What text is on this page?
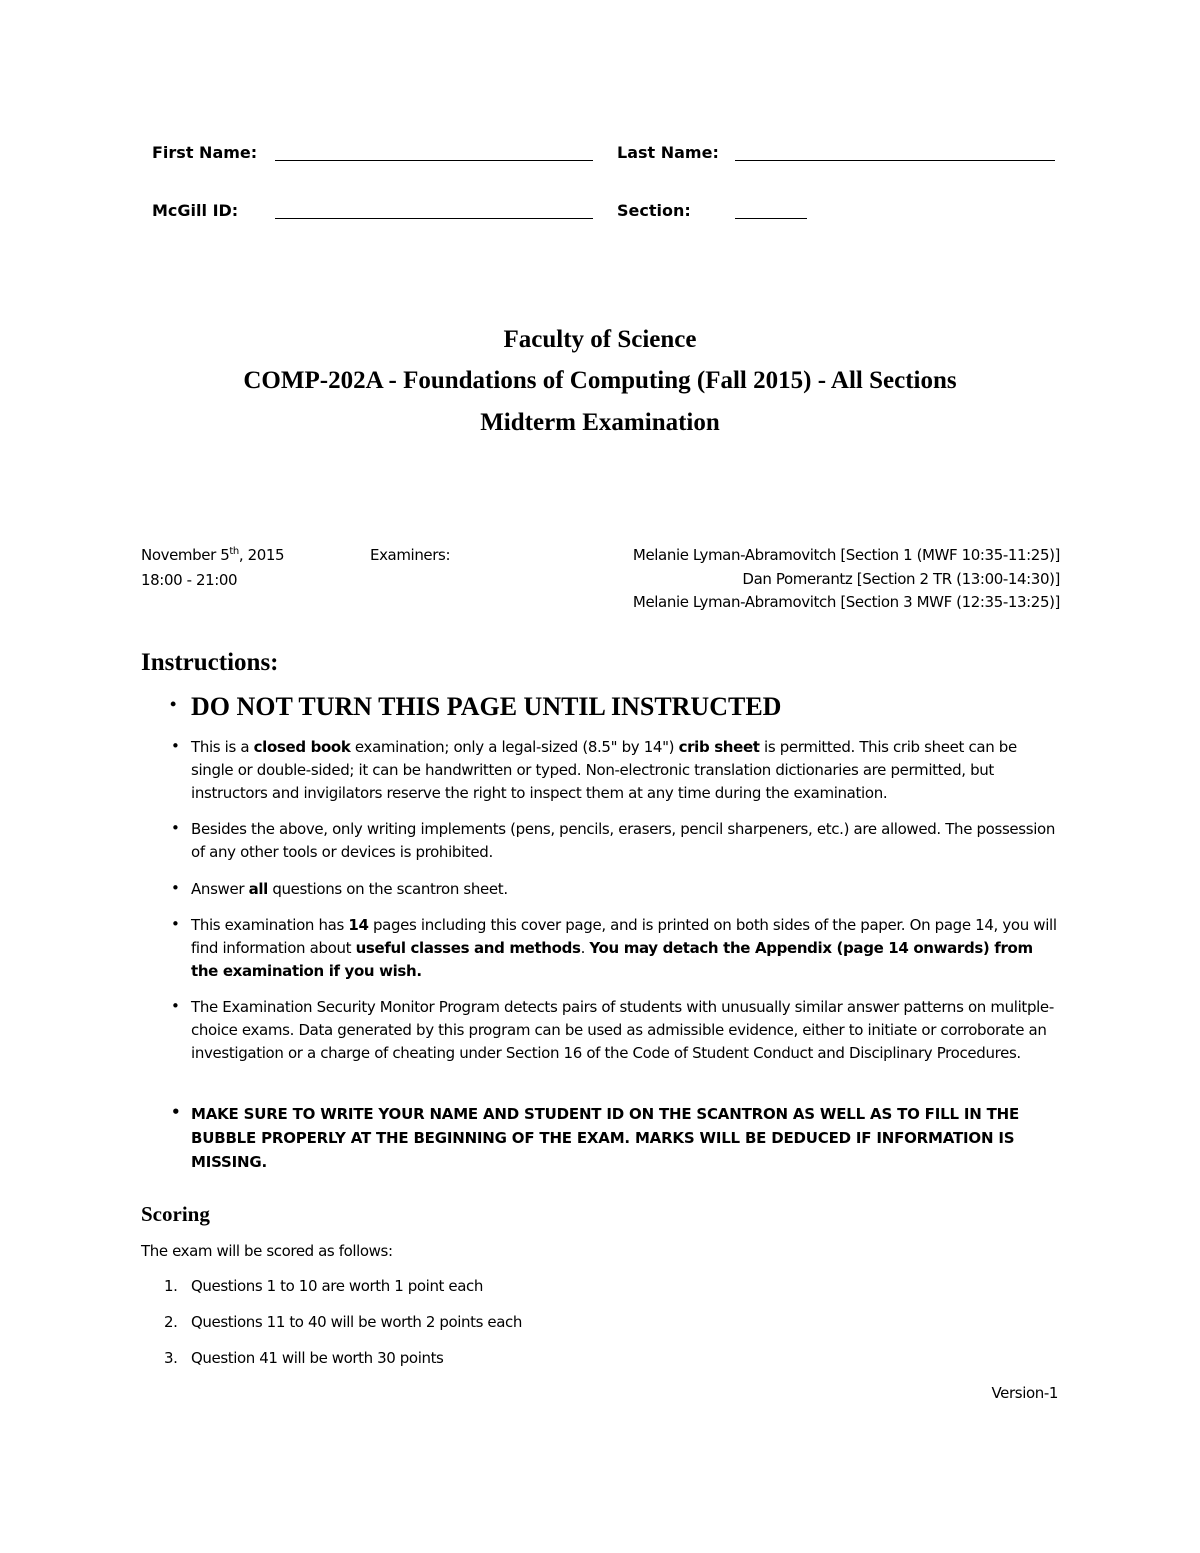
First Name:	Last Name:
McGill ID:	Section:
Faculty of Science
COMP-202A - Foundations of Computing (Fall 2015) - All Sections
Midterm Examination
November 5th, 2015
18:00 - 21:00
Examiners:	Melanie Lyman-Abramovitch [Section 1 (MWF 10:35-11:25)]
Dan Pomerantz [Section 2 TR (13:00-14:30)]
Melanie Lyman-Abramovitch [Section 3 MWF (12:35-13:25)]
Instructions:
• DO NOT TURN THIS PAGE UNTIL INSTRUCTED
• This is a closed book examination; only a legal-sized (8.5" by 14") crib sheet is permitted. This crib sheet can be single or double-sided; it can be handwritten or typed. Non-electronic translation dictionaries are permitted, but instructors and invigilators reserve the right to inspect them at any time during the examination.
• Besides the above, only writing implements (pens, pencils, erasers, pencil sharpeners, etc.) are allowed. The possession of any other tools or devices is prohibited.
• Answer all questions on the scantron sheet.
• This examination has 14 pages including this cover page, and is printed on both sides of the paper. On page 14, you will find information about useful classes and methods. You may detach the Appendix (page 14 onwards) from the examination if you wish.
• The Examination Security Monitor Program detects pairs of students with unusually similar answer patterns on mulitple-choice exams. Data generated by this program can be used as admissible evidence, either to initiate or corroborate an investigation or a charge of cheating under Section 16 of the Code of Student Conduct and Disciplinary Procedures.
• MAKE SURE TO WRITE YOUR NAME AND STUDENT ID ON THE SCANTRON AS WELL AS TO FILL IN THE BUBBLE PROPERLY AT THE BEGINNING OF THE EXAM. MARKS WILL BE DEDUCED IF INFORMATION IS MISSING.
Scoring
The exam will be scored as follows:
1. Questions 1 to 10 are worth 1 point each
2. Questions 11 to 40 will be worth 2 points each
3. Question 41 will be worth 30 points
Version-1
